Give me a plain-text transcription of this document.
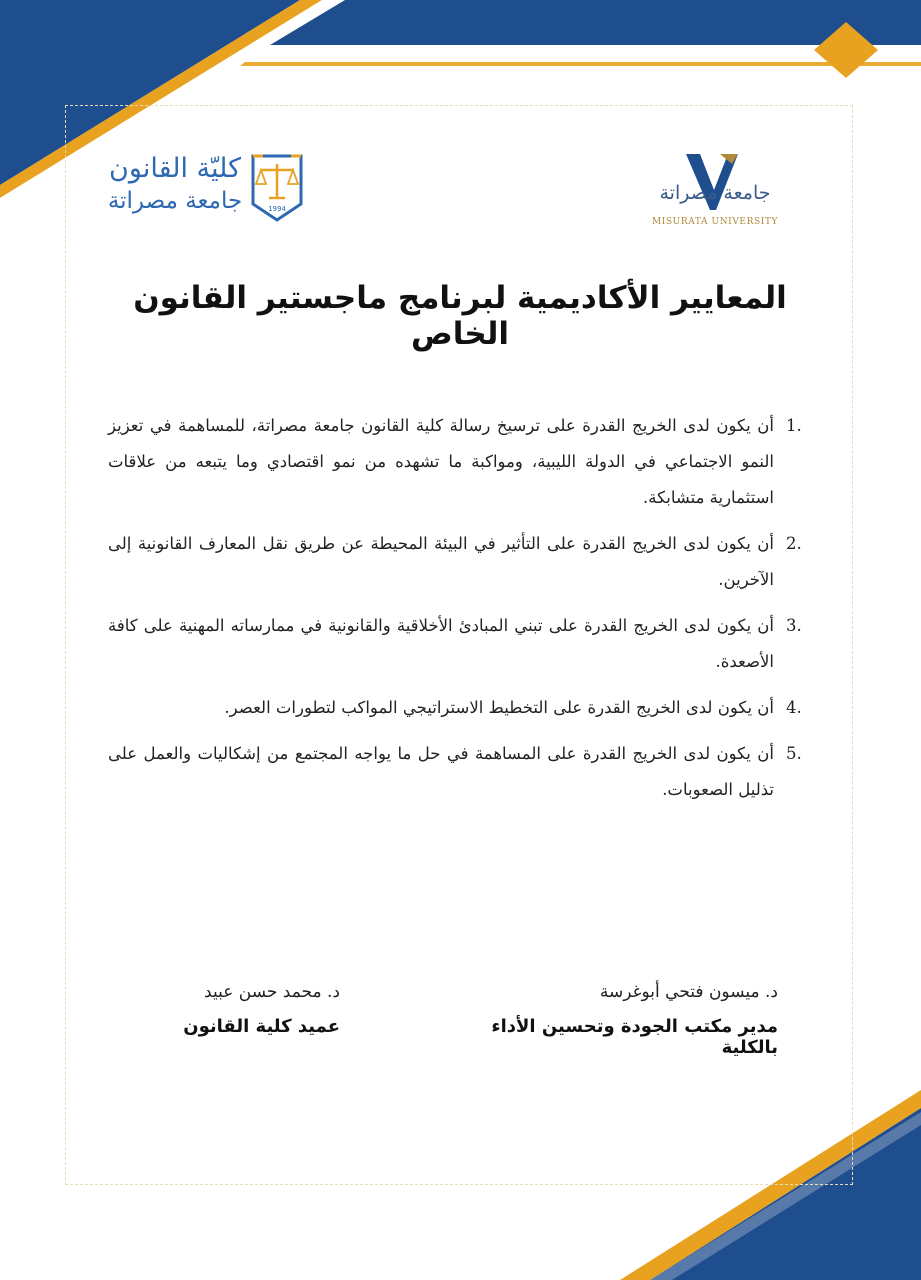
كليّة القانون
جامعة مصراتة	1994
جامعة مصراتة
MISURATA UNIVERSITY
المعايير الأكاديمية لبرنامج ماجستير القانون الخاص
1.
أن يكون لدى الخريج القدرة على ترسيخ رسالة كلية القانون جامعة مصراتة، للمساهمة في تعزيز النمو الاجتماعي في الدولة الليبية، ومواكبة ما تشهده من نمو اقتصادي وما يتبعه من علاقات استثمارية متشابكة.
2.
أن يكون لدى الخريج القدرة على التأثير في البيئة المحيطة عن طريق نقل المعارف القانونية إلى الآخرين.
3.
أن يكون لدى الخريج القدرة على تبني المبادئ الأخلاقية والقانونية في ممارساته المهنية على كافة الأصعدة.
4.
أن يكون لدى الخريج القدرة على التخطيط الاستراتيجي المواكب لتطورات العصر.
5.
أن يكون لدى الخريج القدرة على المساهمة في حل ما يواجه المجتمع من إشكاليات والعمل على تذليل الصعوبات.
د. ميسون فتحي أبوغرسة
مدير مكتب الجودة وتحسين الأداء بالكلية
د. محمد حسن عبيد
عميد كلية القانون
